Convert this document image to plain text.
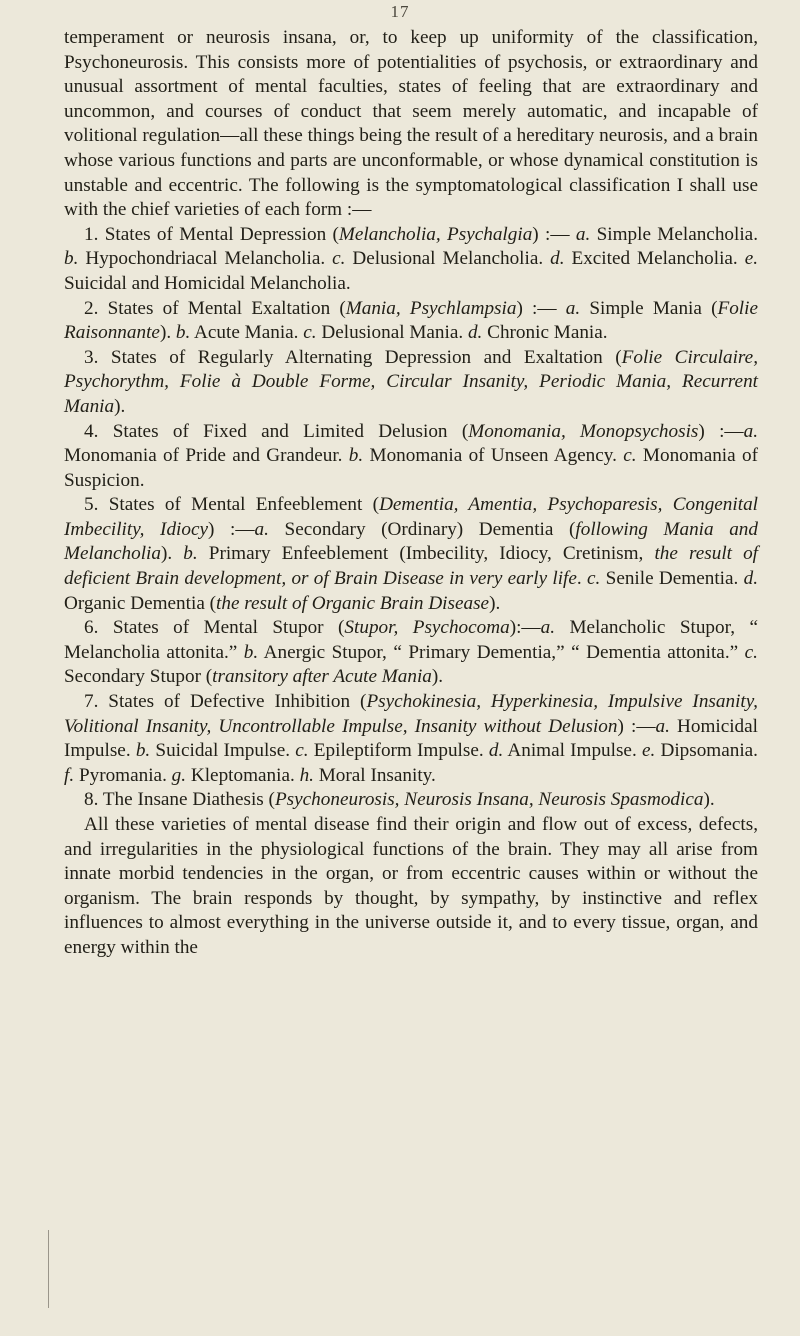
17

temperament or neurosis insana, or, to keep up uniformity of the classification, Psychoneurosis. This consists more of potentialities of psychosis, or extraordinary and unusual assortment of mental faculties, states of feeling that are extraordinary and uncommon, and courses of conduct that seem merely automatic, and incapable of volitional regulation—all these things being the result of a hereditary neurosis, and a brain whose various functions and parts are unconformable, or whose dynamical constitution is unstable and eccentric. The following is the symptomatological classification I shall use with the chief varieties of each form :—

1. States of Mental Depression (Melancholia, Psychalgia) :— a. Simple Melancholia. b. Hypochondriacal Melancholia. c. Delusional Melancholia. d. Excited Melancholia. e. Suicidal and Homicidal Melancholia.

2. States of Mental Exaltation (Mania, Psychlampsia) :— a. Simple Mania (Folie Raisonnante). b. Acute Mania. c. Delusional Mania. d. Chronic Mania.

3. States of Regularly Alternating Depression and Exaltation (Folie Circulaire, Psychorythm, Folie à Double Forme, Circular Insanity, Periodic Mania, Recurrent Mania).

4. States of Fixed and Limited Delusion (Monomania, Monopsychosis) :—a. Monomania of Pride and Grandeur. b. Monomania of Unseen Agency. c. Monomania of Suspicion.

5. States of Mental Enfeeblement (Dementia, Amentia, Psychoparesis, Congenital Imbecility, Idiocy) :—a. Secondary (Ordinary) Dementia (following Mania and Melancholia). b. Primary Enfeeblement (Imbecility, Idiocy, Cretinism, the result of deficient Brain development, or of Brain Disease in very early life. c. Senile Dementia. d. Organic Dementia (the result of Organic Brain Disease).

6. States of Mental Stupor (Stupor, Psychocoma):—a. Melancholic Stupor, “ Melancholia attonita.” b. Anergic Stupor, “ Primary Dementia,” “ Dementia attonita.” c. Secondary Stupor (transitory after Acute Mania).

7. States of Defective Inhibition (Psychokinesia, Hyperkinesia, Impulsive Insanity, Volitional Insanity, Uncontrollable Impulse, Insanity without Delusion) :—a. Homicidal Impulse. b. Suicidal Impulse. c. Epileptiform Impulse. d. Animal Impulse. e. Dipsomania. f. Pyromania. g. Kleptomania. h. Moral Insanity.

8. The Insane Diathesis (Psychoneurosis, Neurosis Insana, Neurosis Spasmodica).

All these varieties of mental disease find their origin and flow out of excess, defects, and irregularities in the physiological functions of the brain. They may all arise from innate morbid tendencies in the organ, or from eccentric causes within or without the organism. The brain responds by thought, by sympathy, by instinctive and reflex influences to almost everything in the universe outside it, and to every tissue, organ, and energy within the
